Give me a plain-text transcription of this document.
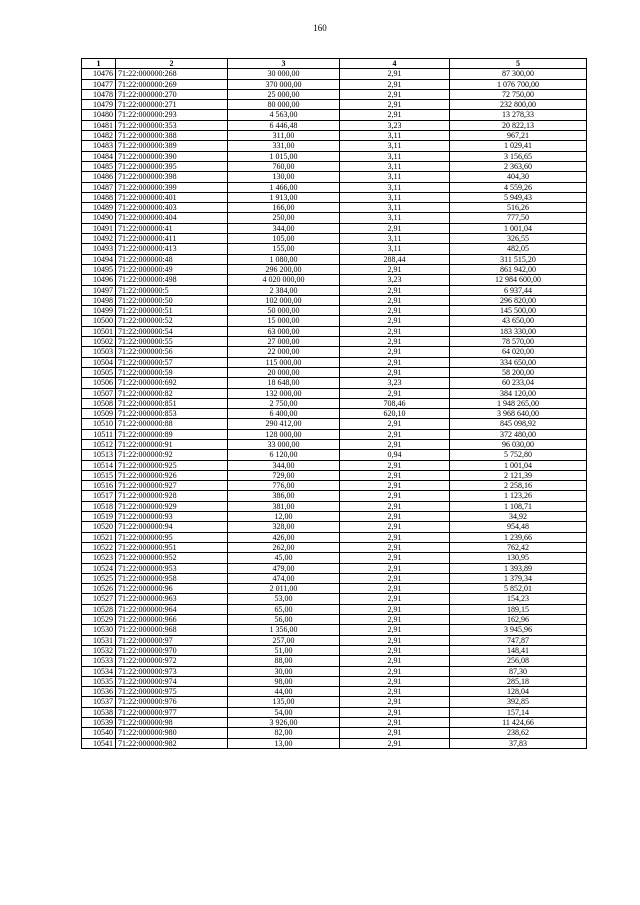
160
1	2	3	4	5
10476	71:22:000000:268	30 000,00	2,91	87 300,00
10477	71:22:000000:269	370 000,00	2,91	1 076 700,00
10478	71:22:000000:270	25 000,00	2,91	72 750,00
10479	71:22:000000:271	80 000,00	2,91	232 800,00
10480	71:22:000000:293	4 563,00	2,91	13 278,33
10481	71:22:000000:353	6 446,48	3,23	20 822,13
10482	71:22:000000:388	311,00	3,11	967,21
10483	71:22:000000:389	331,00	3,11	1 029,41
10484	71:22:000000:390	1 015,00	3,11	3 156,65
10485	71:22:000000:395	760,00	3,11	2 363,60
10486	71:22:000000:398	130,00	3,11	404,30
10487	71:22:000000:399	1 466,00	3,11	4 559,26
10488	71:22:000000:401	1 913,00	3,11	5 949,43
10489	71:22:000000:403	166,00	3,11	516,26
10490	71:22:000000:404	250,00	3,11	777,50
10491	71:22:000000:41	344,00	2,91	1 001,04
10492	71:22:000000:411	105,00	3,11	326,55
10493	71:22:000000:413	155,00	3,11	482,05
10494	71:22:000000:48	1 080,00	288,44	311 515,20
10495	71:22:000000:49	296 200,00	2,91	861 942,00
10496	71:22:000000:498	4 020 000,00	3,23	12 984 600,00
10497	71:22:000000:5	2 384,00	2,91	6 937,44
10498	71:22:000000:50	102 000,00	2,91	296 820,00
10499	71:22:000000:51	50 000,00	2,91	145 500,00
10500	71:22:000000:52	15 000,00	2,91	43 650,00
10501	71:22:000000:54	63 000,00	2,91	183 330,00
10502	71:22:000000:55	27 000,00	2,91	78 570,00
10503	71:22:000000:56	22 000,00	2,91	64 020,00
10504	71:22:000000:57	115 000,00	2,91	334 650,00
10505	71:22:000000:59	20 000,00	2,91	58 200,00
10506	71:22:000000:692	18 648,00	3,23	60 233,04
10507	71:22:000000:82	132 000,00	2,91	384 120,00
10508	71:22:000000:851	2 750,00	708,46	1 948 265,00
10509	71:22:000000:853	6 400,00	620,10	3 968 640,00
10510	71:22:000000:88	290 412,00	2,91	845 098,92
10511	71:22:000000:89	128 000,00	2,91	372 480,00
10512	71:22:000000:91	33 000,00	2,91	96 030,00
10513	71:22:000000:92	6 120,00	0,94	5 752,80
10514	71:22:000000:925	344,00	2,91	1 001,04
10515	71:22:000000:926	729,00	2,91	2 121,39
10516	71:22:000000:927	776,00	2,91	2 258,16
10517	71:22:000000:928	386,00	2,91	1 123,26
10518	71:22:000000:929	381,00	2,91	1 108,71
10519	71:22:000000:93	12,00	2,91	34,92
10520	71:22:000000:94	328,00	2,91	954,48
10521	71:22:000000:95	426,00	2,91	1 239,66
10522	71:22:000000:951	262,00	2,91	762,42
10523	71:22:000000:952	45,00	2,91	130,95
10524	71:22:000000:953	479,00	2,91	1 393,89
10525	71:22:000000:958	474,00	2,91	1 379,34
10526	71:22:000000:96	2 011,00	2,91	5 852,01
10527	71:22:000000:963	53,00	2,91	154,23
10528	71:22:000000:964	65,00	2,91	189,15
10529	71:22:000000:966	56,00	2,91	162,96
10530	71:22:000000:968	1 356,00	2,91	3 945,96
10531	71:22:000000:97	257,00	2,91	747,87
10532	71:22:000000:970	51,00	2,91	148,41
10533	71:22:000000:972	88,00	2,91	256,08
10534	71:22:000000:973	30,00	2,91	87,30
10535	71:22:000000:974	98,00	2,91	285,18
10536	71:22:000000:975	44,00	2,91	128,04
10537	71:22:000000:976	135,00	2,91	392,85
10538	71:22:000000:977	54,00	2,91	157,14
10539	71:22:000000:98	3 926,00	2,91	11 424,66
10540	71:22:000000:980	82,00	2,91	238,62
10541	71:22:000000:982	13,00	2,91	37,83
